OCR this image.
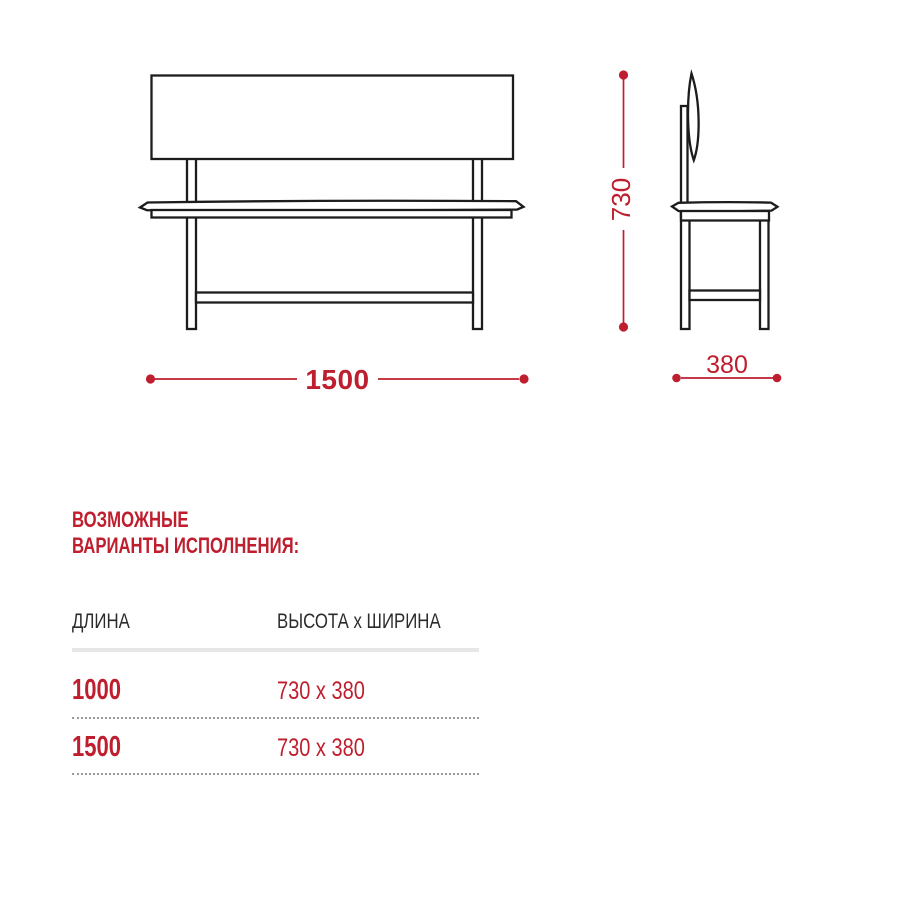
1500	380
730
ВОЗМОЖНЫЕ
ВАРИАНТЫ ИСПОЛНЕНИЯ:
ДЛИНА	ВЫСОТА х ШИРИНА
1000	730 x 380
1500	730 x 380
